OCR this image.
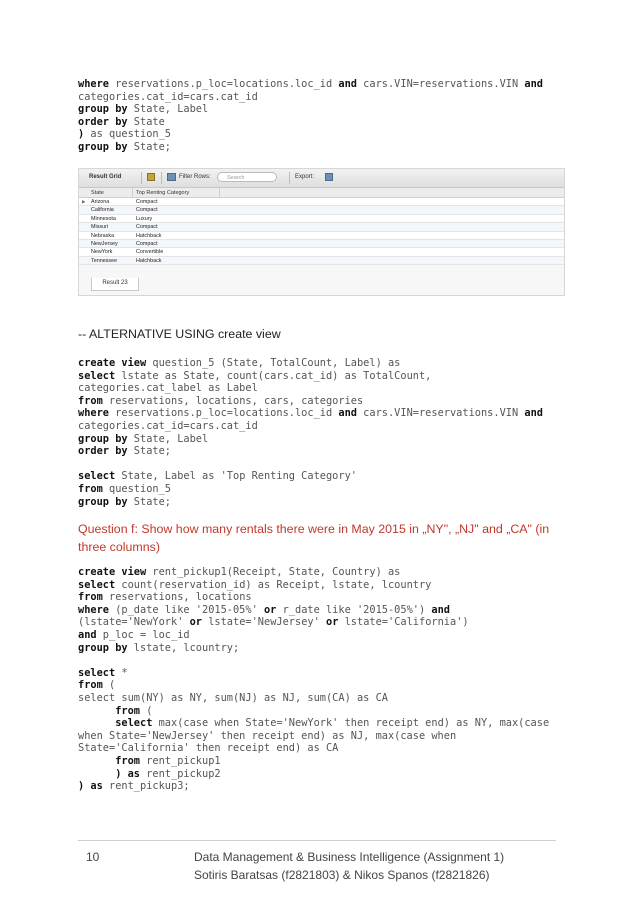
where reservations.p_loc=locations.loc_id and cars.VIN=reservations.VIN and
categories.cat_id=cars.cat_id
group by State, Label
order by State
) as question_5
group by State;

Result Grid	Filter Rows:	Search	Export:
State	Top Renting Category
▶ Arizona	Compact
California	Compact
Minnesota	Luxury
Missuri	Compact
Nebraska	Hatchback
NewJersey	Compact
NewYork	Convertible
Tennessee	Hatchback
Result 23
-- ALTERNATIVE USING create view
create view question_5 (State, TotalCount, Label) as
select lstate as State, count(cars.cat_id) as TotalCount,
categories.cat_label as Label
from reservations, locations, cars, categories
where reservations.p_loc=locations.loc_id and cars.VIN=reservations.VIN and
categories.cat_id=cars.cat_id
group by State, Label
order by State;

select State, Label as 'Top Renting Category'
from question_5
group by State;

Question f: Show how many rentals there were in May 2015 in „NY", „NJ" and „CA" (in
three columns)
create view rent_pickup1(Receipt, State, Country) as
select count(reservation_id) as Receipt, lstate, lcountry
from reservations, locations
where (p_date like '2015-05%' or r_date like '2015-05%') and
(lstate='NewYork' or lstate='NewJersey' or lstate='California')
and p_loc = loc_id
group by lstate, lcountry;

select *
from (
select sum(NY) as NY, sum(NJ) as NJ, sum(CA) as CA
from (
select max(case when State='NewYork' then receipt end) as NY, max(case
when State='NewJersey' then receipt end) as NJ, max(case when
State='California' then receipt end) as CA
from rent_pickup1
) as rent_pickup2
) as rent_pickup3;

10	Data Management & Business Intelligence (Assignment 1)
Sotiris Baratsas (f2821803) & Nikos Spanos (f2821826)
